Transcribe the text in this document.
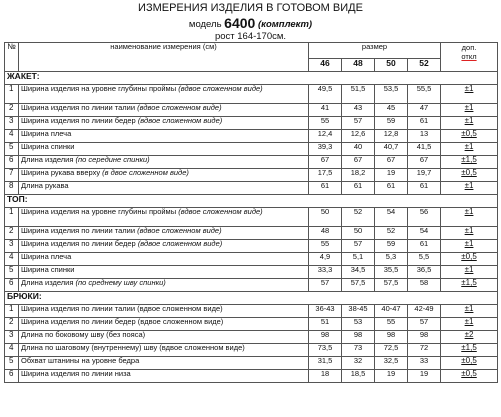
ИЗМЕРЕНИЯ ИЗДЕЛИЯ В ГОТОВОМ ВИДЕ
модель 6400 (комплект)
рост 164-170см.
№	наименование измерения (см)	размер				доп.
откл

		46	48	50	52	
ЖАКЕТ:						
1	Ширина изделия на уровне глубины проймы (вдвое сложенном виде)	49,5	51,5	53,5	55,5	±1
2	Ширина изделия по линии талии (вдвое сложенном виде)	41	43	45	47	±1
3	Ширина изделия по линии бедер (вдвое сложенном виде)	55	57	59	61	±1
4	Ширина плеча	12,4	12,6	12,8	13	±0,5
5	Ширина спинки	39,3	40	40,7	41,5	±1
6	Длина изделия (по середине спинки)	67	67	67	67	±1,5
7	Ширина рукава вверху (в двое сложенном виде)	17,5	18,2	19	19,7	±0,5
8	Длина рукава	61	61	61	61	±1
ТОП:						
1	Ширина изделия на уровне глубины проймы (вдвое сложенном виде)	50	52	54	56	±1
2	Ширина изделия по линии талии (вдвое сложенном виде)	48	50	52	54	±1
3	Ширина изделия по линии бедер (вдвое сложенном виде)	55	57	59	61	±1
4	Ширина плеча	4,9	5,1	5,3	5,5	±0,5
5	Ширина спинки	33,3	34,5	35,5	36,5	±1
6	Длина изделия (по среднему шву спинки)	57	57,5	57,5	58	±1,5
БРЮКИ:						
1	Ширина изделия по линии талии (вдвое сложенном виде)	36-43	38-45	40-47	42-49	±1
2	Ширина изделия по линии бедер (вдвое сложенном виде)	51	53	55	57	±1
3	Длина по боковому шву (без пояса)	98	98	98	98	±2
4	Длина по шаговому (внутреннему) шву (вдвое сложенном виде)	73,5	73	72,5	72	±1,5
5	Обхват штанины на уровне бедра	31,5	32	32,5	33	±0,5
6	Ширина изделия по линии низа	18	18,5	19	19	±0,5
